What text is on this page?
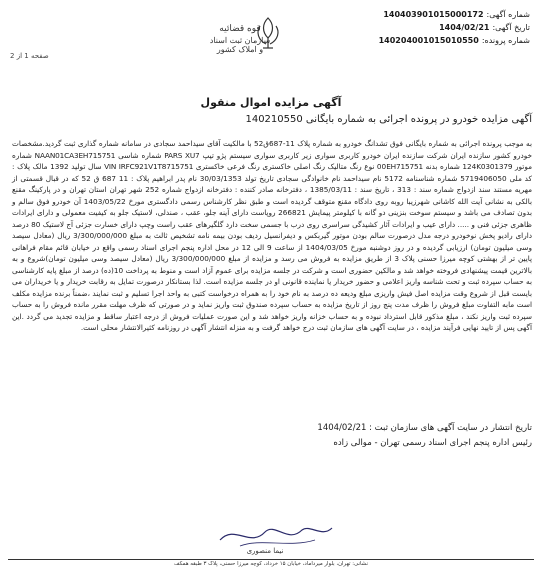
شماره آگهی:
140403901015000172
تاریخ آگهی:
1404/02/21
شماره پرونده:
14020400101501055​0
قوه قضائیه
سازمان ثبت اسناد و املاک کشور
صفحه 1 از 2
آگهی مزایده اموال منقول
آگهی مزایده خودرو در پرونده اجرائی به شماره بایگانی 140210550

به موجب پرونده اجرائی به شماره بایگانی فوق تشدانگ خودرو به شماره پلاک 11-687ق52 با مالکیت آقای سیداحمد سجادی در سامانه شماره گذاری ثبت گردید.مشخصات خودرو کشور سازنده ایران شرکت سازنده ایران خودرو کاربری سواری زیر کاربری سواری سیستم پژو تیپ PARS XU7 شماره شاسی NAAN01CA3EH715751 شماره موتور 124K0301379 شماره بدنه 00EH715751 نوع رنگ متالیک رنگ اصلی خاکستری رنگ فرعی خاکستری VIN IRFC921V1T8715751 سال تولید 1392 مالک پلاک : کد ملی 5719406050 شماره شناسنامه 5172 نام سیداحمد نام خانوادگی سجادی تاریخ تولد 30/03/1353 نام پدر ابراهیم پلاک : 11 687 ق 52 که در قبال قسمتی از مهریه مستند سند ازدواج شماره سند : 313 ، تاریخ سند : 1385/03/11 ، دفترخانه صادر کننده : دفترخانه ازدواج شماره 252 شهر تهران استان تهران و در پارکینگ مقنع بالکی به نشانی آیت الله کاشانی شهرزیبا روبه روی دادگاه مقنع متوقف گردیده است و طبق نظر کارشناس رسمی دادگستری مورخ 1403/05/22 آن خودرو فوق سالم و بدون تصادف می باشد و سیستم سوخت بنزینی دو گانه با کیلومتر پیمایش 266821 روپاست دارای آینه جلو، عقب ، صندلی، لاستیک جلو به کیفیت معمولی و دارای ایرادات ظاهری جزئی فنی و ..... دارای عیب و ایرادات آثار کشیدگی سراسری روی درب با جسمی سخت دارد گلگیرهای عقب راست وچپ دارای خسارت جزئی آج لاستیک 80 درصد دارای رادیو پخش نوخودرو درجه مدل درصورت سالم بودن موتور گیربکس و دیفرانسیل ردیف بودن بیمه نامه تشخیص ثالث به مبلغ 3/300/000/000 ریال (معادل سیصد وسی میلیون تومان) ارزیابی گردیده و در روز دوشنبه مورخ 1404/03/05 از ساعت 9 الی 12 در محل اداره پنجم اجرای اسناد رسمی واقع در خیابان قائم مقام فراهانی پایین تر از بهشتی کوچه میرزا حسنی پلاک 3 از طریق مزایده به فروش می رسد و مزایده از مبلغ 3/300/000/000 ریال (معادل سیصد وسی میلیون تومان)شروع و به بالاترین قیمت پیشنهادی فروخته خواهد شد و مالکین حضوری است و شرکت در جلسه مزایده برای عموم آزاد است و منوط به پرداخت 10(ده) درصد از مبلغ پایه کارشناسی به حساب سپرده ثبت و تحت شناسه واریز اعلامی و حضور خریدار یا نماینده قانونی او در جلسه مزایده است. لذا بستانکار درصورت تمایل به رقابت خریدار و یا خریداران می بایست قبل از شروع وقت مزایده اصل فیش واریزی مبلغ ودیعه ده درصد به نام خود را به همراه درخواست کتبی به واحد اجرا تسلیم و ثبت نمایند ،ضمناً برنده مزایده مکلف است مابه التفاوت مبلغ فروش را ظرف مدت پنج روز از تاریخ مزایده به حساب سپرده صندوق ثبت واریز نماید و در صورتی که ظرف مهلت مقرر مانده فروش را به حساب سپرده ثبت واریز نکند ، مبلغ مذکور قابل استرداد نبوده و به حساب خزانه واریز خواهد شد و این صورت عملیات فروش از درجه اعتبار ساقط و مزایده تجدید می گردد .این آگهی پس از تایید نهایی فرآیند مزایده ، در سایت آگهی های سازمان ثبت درج خواهد گرفت و به منزله انتشار آگهی در روزنامه کثیرالانتشار محلی است.

تاریخ انتشار در سایت آگهی های سازمان ثبت : 1404/02/21
رئیس اداره پنجم اجرای اسناد رسمی تهران - موالی زاده
نیما منصوری
نشانی: تهران، بلوار میرداماد، خیابان ۱۵ خرداد، کوچه میرزا حسنی، پلاک ۳ طبقه همکف
